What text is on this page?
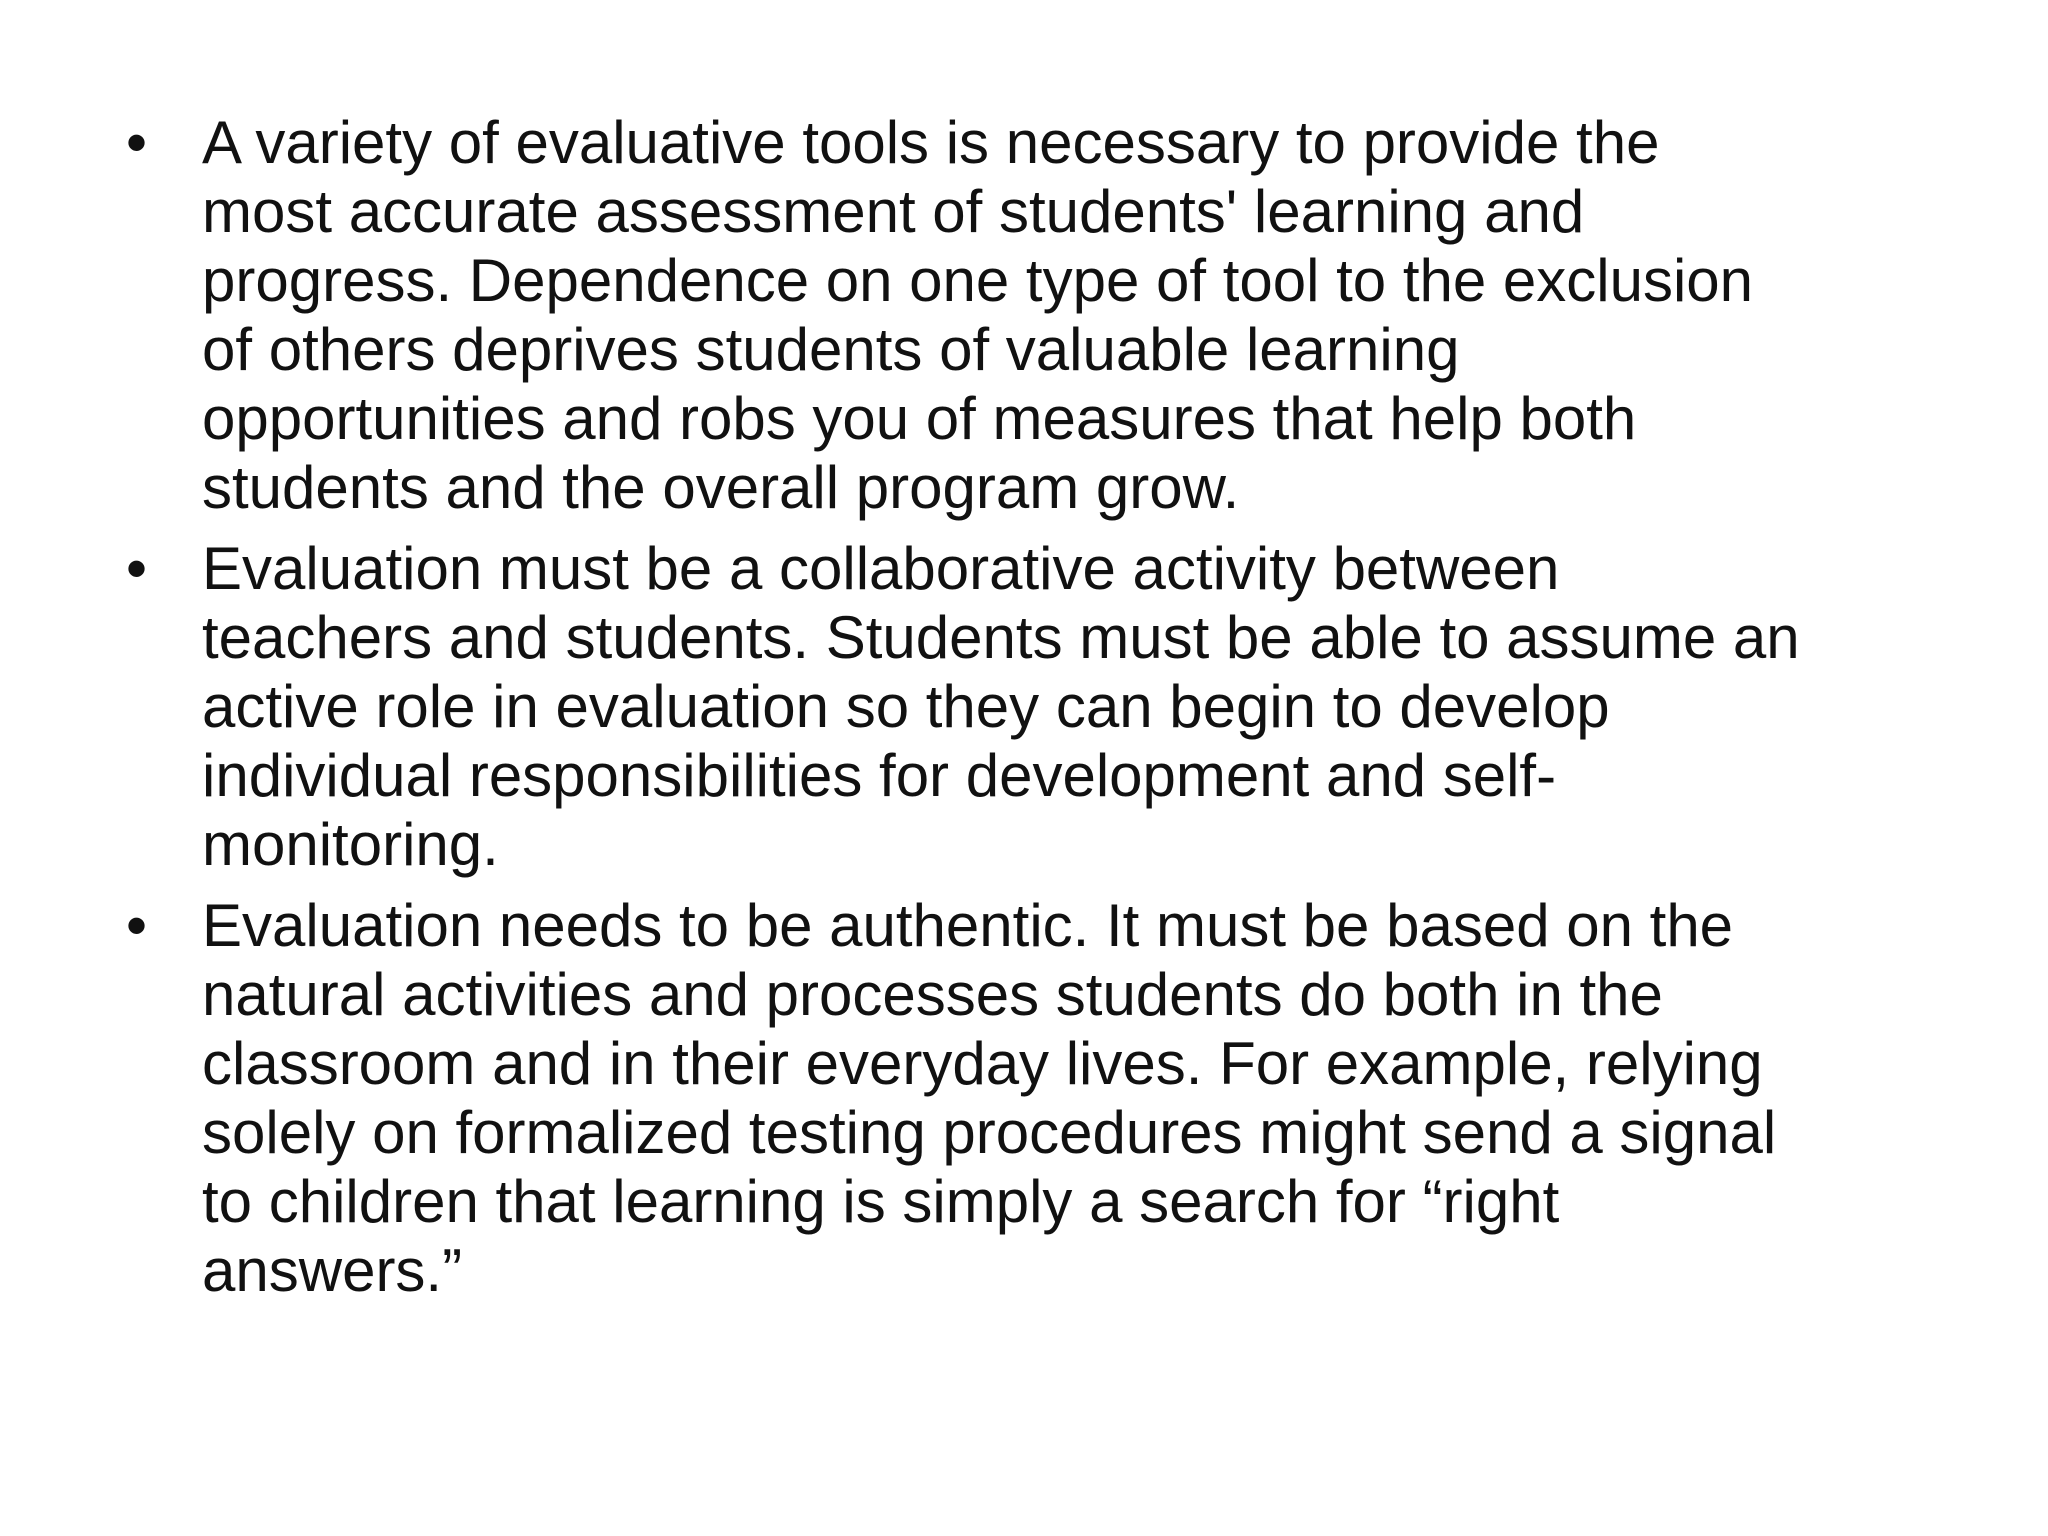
• A variety of evaluative tools is necessary to provide the
most accurate assessment of students' learning and
progress. Dependence on one type of tool to the exclusion
of others deprives students of valuable learning
opportunities and robs you of measures that help both
students and the overall program grow.
• Evaluation must be a collaborative activity between
teachers and students. Students must be able to assume an
active role in evaluation so they can begin to develop
individual responsibilities for development and self-
monitoring.
• Evaluation needs to be authentic. It must be based on the
natural activities and processes students do both in the
classroom and in their everyday lives. For example, relying
solely on formalized testing procedures might send a signal
to children that learning is simply a search for “right
answers.”
